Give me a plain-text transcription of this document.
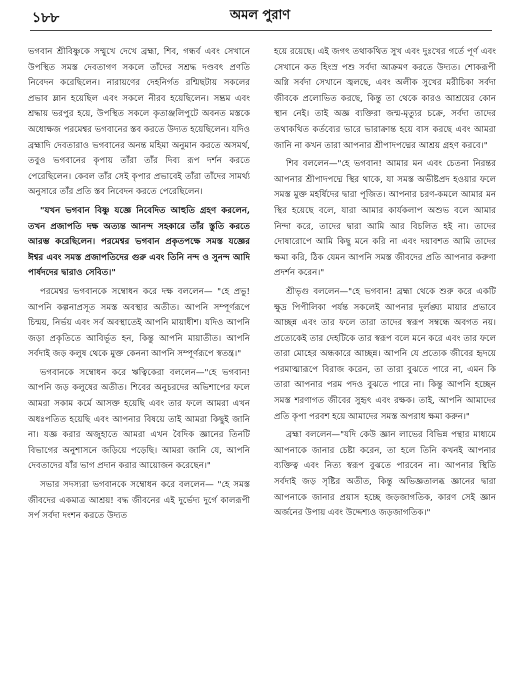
১৮৮	অমল পুরাণ

ভগবান শ্রীবিষ্ণুকে সম্মুখে দেখে ব্রহ্মা, শিব, গন্ধর্ব এবং সেখানে উপস্থিত সমস্ত দেবতাগণ সকলে তাঁদের সশ্রদ্ধ দণ্ডবৎ প্রণতি নিবেদন করেছিলেন। নারায়ণের দেহনির্গত রশ্মিছটায় সকলের প্রভাব ম্লান হয়েছিল এবং সকলে নীরব হয়েছিলেন। সম্ভ্রম এবং শ্রদ্ধায় ভরপুর হয়ে, উপস্থিত সকলে কৃতাঞ্জলিপুটে অবনত মস্তকে অধোক্ষজ পরমেশ্বর ভগবানের স্তব করতে উদ্যত হয়েছিলেন। যদিও ব্রহ্মাদি দেবতারাও ভগবানের অনন্ত মহিমা অনুমান করতে অসমর্থ, তবুও ভগবানের কৃপায় তাঁরা তাঁর দিব্য রূপ দর্শন করতে পেরেছিলেন। কেবল তাঁর সেই কৃপার প্রভাবেই তাঁরা তাঁদের সামর্থ্য অনুসারে তাঁর প্রতি স্তব নিবেদন করতে পেরেছিলেন।

"যখন ভগবান বিষ্ণু যজ্ঞে নিবেদিত আহুতি গ্রহণ করলেন, তখন প্রজাপতি দক্ষ অত্যন্ত আনন্দ সহকারে তাঁর স্তুতি করতে আরম্ভ করেছিলেন। পরমেশ্বর ভগবান প্রকৃতপক্ষে সমস্ত যজ্ঞের ঈশ্বর এবং সমস্ত প্রজাপতিদের গুরু এবং তিনি নন্দ ও সুনন্দ আদি পার্ষদদের দ্বারাও সেবিত।"

পরমেশ্বর ভগবানকে সম্বোধন করে দক্ষ বললেন— "হে প্রভু! আপনি কল্পনাপ্রসূত সমস্ত অবস্থার অতীত। আপনি সম্পূর্ণরূপে চিন্ময়, নির্ভয় এবং সর্ব অবস্থাতেই আপনি মায়াধীশ। যদিও আপনি জড়া প্রকৃতিতে আবির্ভূত হন, কিন্তু আপনি মায়াতীত। আপনি সর্বদাই জড় কলুষ থেকে মুক্ত কেননা আপনি সম্পূর্ণরূপে স্বতন্ত্র।"

ভগবানকে সম্বোধন করে ঋত্বিকেরা বললেন—"হে ভগবান! আপনি জড় কলুষের অতীত। শিবের অনুচরদের অভিশাপের ফলে আমরা সকাম কর্মে আসক্ত হয়েছি এবং তার ফলে আমরা এখন অধঃপতিত হয়েছি এবং আপনার বিষয়ে তাই আমরা কিছুই জানি না। যজ্ঞ করার অজুহাতে আমরা এখন বৈদিক জ্ঞানের তিনটি বিভাগের অনুশাসনে জড়িয়ে পড়েছি। আমরা জানি যে, আপনি দেবতাদের যাঁর ভাগ প্রদান করার আয়োজন করেছেন।"

সভার সদস্যরা ভগবানকে সম্বোধন করে বললেন— "হে সমস্ত জীবদের একমাত্র আশ্রয়! বদ্ধ জীবনের এই দুর্ভেদ্য দুর্গে কালরূপী সর্প সর্বদা দংশন করতে উদ্যত

হয়ে রয়েছে। এই জগৎ তথাকথিত সুখ এবং দুঃখের গর্তে পূর্ণ এবং সেখানে কত হিংস্র পশু সর্বদা আক্রমণ করতে উদ্যত। শোকরূপী অগ্নি সর্বদা সেখানে জ্বলছে, এবং অলীক সুখের মরীচিকা সর্বদা জীবকে প্রলোভিত করছে, কিন্তু তা থেকে কারও আশ্রয়ের কোন স্থান নেই। তাই অজ্ঞ ব্যক্তিরা জন্ম-মৃত্যুর চক্রে, সর্বদা তাদের তথাকথিত কর্তব্যের ভারে ভারাক্রান্ত হয়ে বাস করছে এবং আমরা জানি না কখন তারা আপনার শ্রীপাদপদ্মের আশ্রয় গ্রহণ করবে।"

শিব বললেন—"হে ভগবান! আমার মন এবং চেতনা নিরন্তর আপনার শ্রীপাদপদ্মে স্থির থাকে, যা সমস্ত অভীষ্টপ্রদ হওয়ার ফলে সমস্ত মুক্ত মহর্ষিদের দ্বারা পূজিত। আপনার চরণ-কমলে আমার মন স্থির হয়েছে বলে, যারা আমার কার্যকলাপ অশুভ বলে আমার নিন্দা করে, তাদের দ্বারা আমি আর বিচলিত হই না। তাদের দোষারোপে আমি কিছু মনে করি না এবং দয়াবশত আমি তাদের ক্ষমা করি, ঠিক যেমন আপনি সমস্ত জীবদের প্রতি আপনার করুণা প্রদর্শন করেন।"

শ্রীভৃগু বললেন—"হে ভগবান! ব্রহ্মা থেকে শুরু করে একটি ক্ষুদ্র পিপীলিকা পর্যন্ত সকলেই আপনার দুর্লঙ্ঘ্য মায়ার প্রভাবে আচ্ছন্ন এবং তার ফলে তারা তাদের স্বরূপ সম্বন্ধে অবগত নয়। প্রত্যেকেই তার দেহটিকে তার স্বরূপ বলে মনে করে এবং তার ফলে তারা মোহের অন্ধকারে আচ্ছন্ন। আপনি যে প্রত্যেক জীবের হৃদয়ে পরমাত্মারূপে বিরাজ করেন, তা তারা বুঝতে পারে না, এমন কি তারা আপনার পরম পদও বুঝতে পারে না। কিন্তু আপনি হচ্ছেন সমস্ত শরণাগত জীবের সুহৃৎ এবং রক্ষক। তাই, আপনি আমাদের প্রতি কৃপা পরবশ হয়ে আমাদের সমস্ত অপরাধ ক্ষমা করুন।"

ব্রহ্মা বললেন—"যদি কেউ জ্ঞান লাভের বিভিন্ন পন্থার মাধ্যমে আপনাকে জানার চেষ্টা করেন, তা হলে তিনি কখনই আপনার ব্যক্তিত্ব এবং নিত্য স্বরূপ বুঝতে পারবেন না। আপনার স্থিতি সর্বদাই জড় সৃষ্টির অতীত, কিন্তু অভিজ্ঞতালব্ধ জ্ঞানের দ্বারা আপনাকে জানার প্রয়াস হচ্ছে জড়জাগতিক, কারণ সেই জ্ঞান অর্জনের উপায় এবং উদ্দেশ্যও জড়জাগতিক।"
